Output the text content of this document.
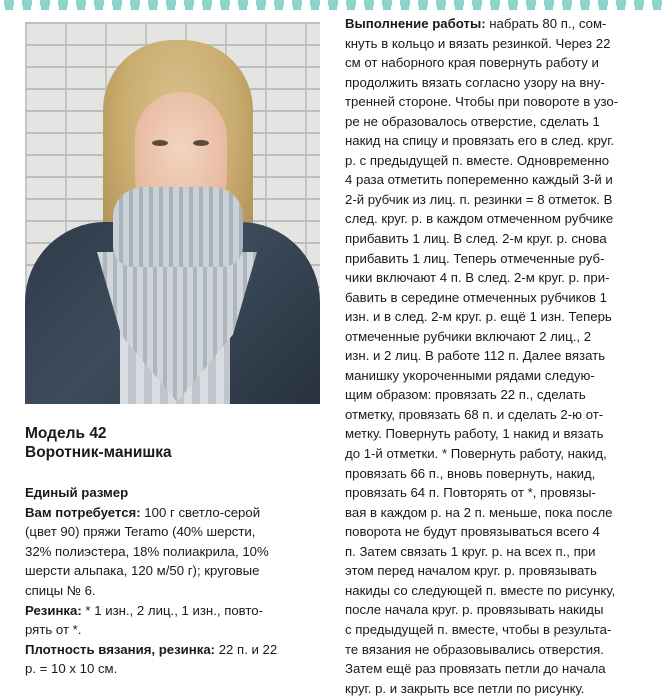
Модель 42

Воротник-манишка

Единый размер

Вам потребуется: 100 г светло-серой
(цвет 90) пряжи Teramo (40% шерсти,
32% полиэстера, 18% полиакрила, 10%
шерсти альпака, 120 м/50 г); круговые
спицы № 6.

Резинка: * 1 изн., 2 лиц., 1 изн., повто-
рять от *.

Плотность вязания, резинка: 22 п. и 22
р. = 10 х 10 см.

Выполнение работы: набрать 80 п., сом-
кнуть в кольцо и вязать резинкой. Через 22
см от наборного края повернуть работу и
продолжить вязать согласно узору на вну-
тренней стороне. Чтобы при повороте в узо-
ре не образовалось отверстие, сделать 1
накид на спицу и провязать его в след. круг.
р. с предыдущей п. вместе. Одновременно
4 раза отметить попеременно каждый 3-й и
2-й рубчик из лиц. п. резинки = 8 отметок. В
след. круг. р. в каждом отмеченном рубчике
прибавить 1 лиц. В след. 2-м круг. р. снова
прибавить 1 лиц. Теперь отмеченные руб-
чики включают 4 п. В след. 2-м круг. р. при-
бавить в середине отмеченных рубчиков 1
изн. и в след. 2-м круг. р. ещё 1 изн. Теперь
отмеченные рубчики включают 2 лиц., 2
изн. и 2 лиц. В работе 112 п. Далее вязать
манишку укороченными рядами следую-
щим образом: провязать 22 п., сделать
отметку, провязать 68 п. и сделать 2-ю от-
метку. Повернуть работу, 1 накид и вязать
до 1-й отметки. * Повернуть работу, накид,
провязать 66 п., вновь повернуть, накид,
провязать 64 п. Повторять от *, провязы-
вая в каждом р. на 2 п. меньше, пока после
поворота не будут провязываться всего 4
п. Затем связать 1 круг. р. на всех п., при
этом перед началом круг. р. провязывать
накиды со следующей п. вместе по рисунку,
после начала круг. р. провязывать накиды
с предыдущей п. вместе, чтобы в результа-
те вязания не образовывались отверстия.
Затем ещё раз провязать петли до начала
круг. р. и закрыть все петли по рисунку.
